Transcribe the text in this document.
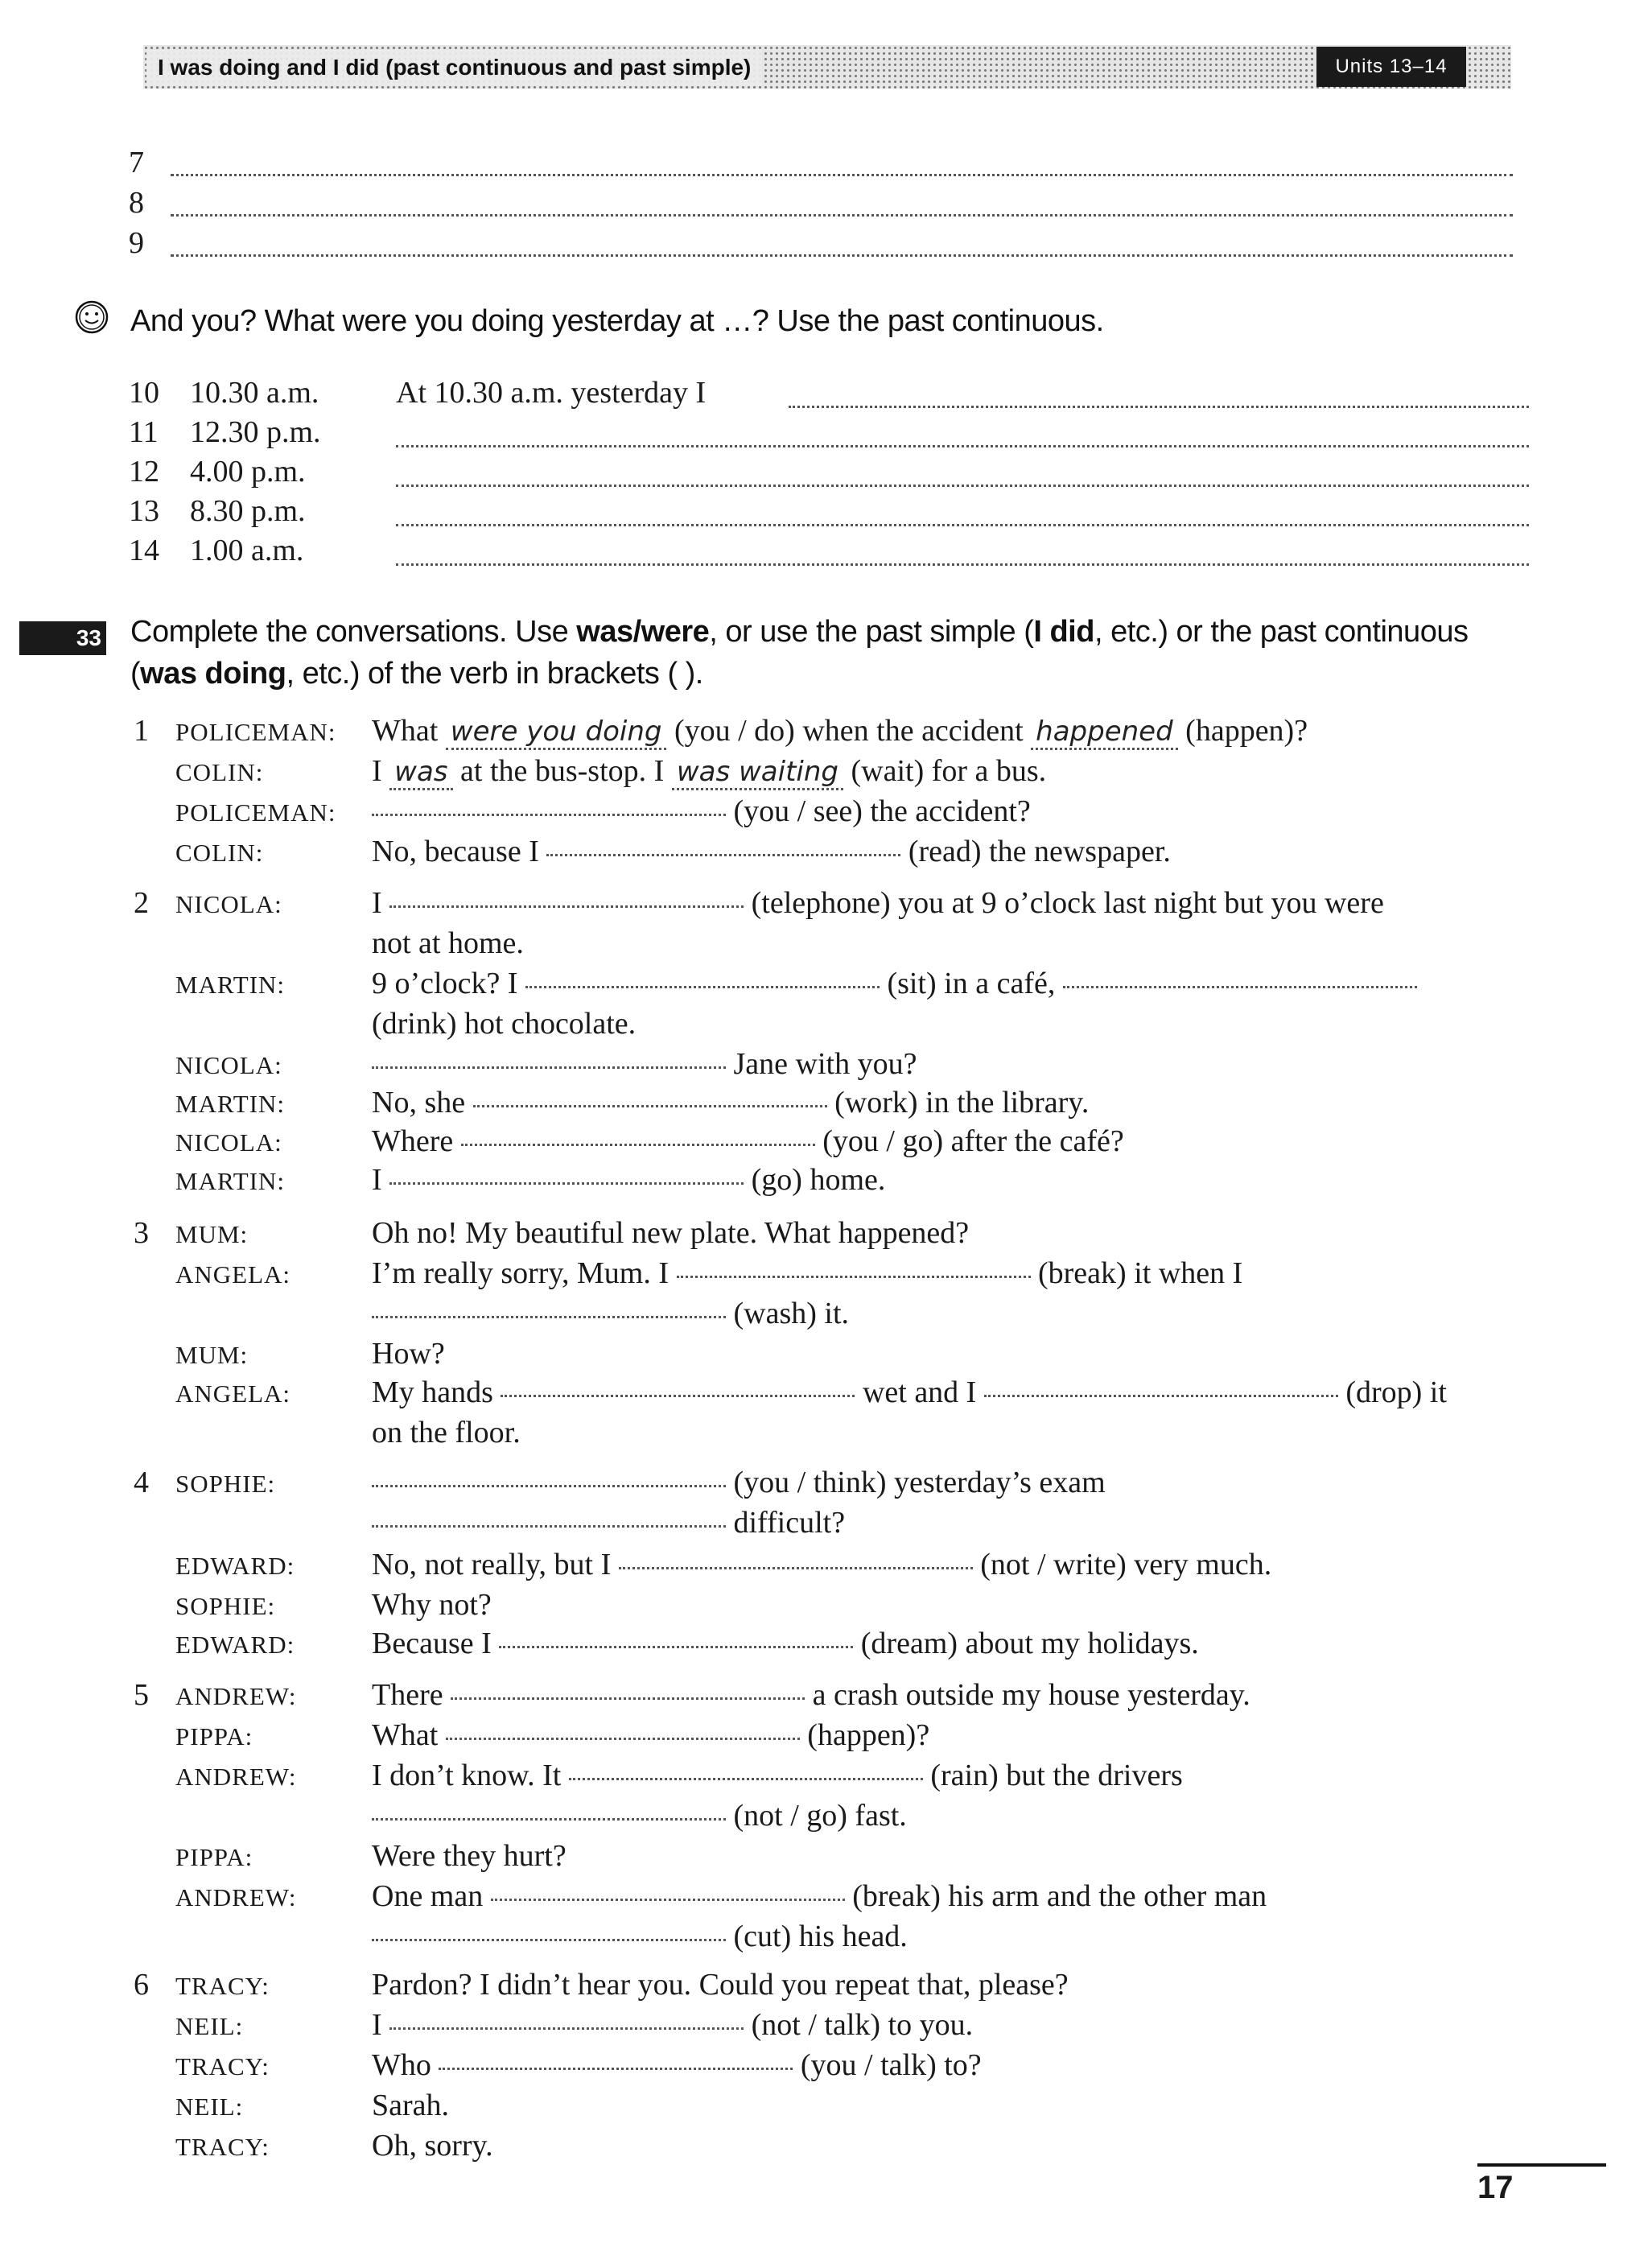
I was doing and I did (past continuous and past simple)	Units 13–14
7
8
9
And you? What were you doing yesterday at …? Use the past continuous.
10 10.30 a.m.	At 10.30 a.m. yesterday I
11 12.30 p.m.
12 4.00 p.m.
13 8.30 p.m.
14 1.00 a.m.
33 Complete the conversations. Use was/were, or use the past simple (I did, etc.) or the past continuous
(was doing, etc.) of the verb in brackets ( ).
1 POLICEMAN: What were you doing (you / do) when the accident happened (happen)?
COLIN:	I was at the bus-stop. I was waiting (wait) for a bus.
POLICEMAN:	(you / see) the accident?
COLIN:	No, because I	(read) the newspaper.
2 NICOLA:	I	(telephone) you at 9 o’clock last night but you were
not at home.
MARTIN:	9 o’clock? I	(sit) in a café,
(drink) hot chocolate.
NICOLA:	Jane with you?
MARTIN:	No, she	(work) in the library.
NICOLA:	Where	(you / go) after the café?
MARTIN:	I	(go) home.
3 MUM:	Oh no! My beautiful new plate. What happened?
ANGELA:	I’m really sorry, Mum. I	(break) it when I
(wash) it.
MUM:	How?
ANGELA:	My hands	wet and I	(drop) it
on the floor.
4 SOPHIE:	(you / think) yesterday’s exam
difficult?
EDWARD:	No, not really, but I	(not / write) very much.
SOPHIE:	Why not?
EDWARD:	Because I	(dream) about my holidays.
5 ANDREW: There	a crash outside my house yesterday.
PIPPA:	What	(happen)?
ANDREW: I don’t know. It	(rain) but the drivers
(not / go) fast.
PIPPA:	Were they hurt?
ANDREW: One man	(break) his arm and the other man
(cut) his head.
6 TRACY:	Pardon? I didn’t hear you. Could you repeat that, please?
NEIL:	I	(not / talk) to you.
TRACY:	Who	(you / talk) to?
NEIL:	Sarah.
TRACY:	Oh, sorry.
17
